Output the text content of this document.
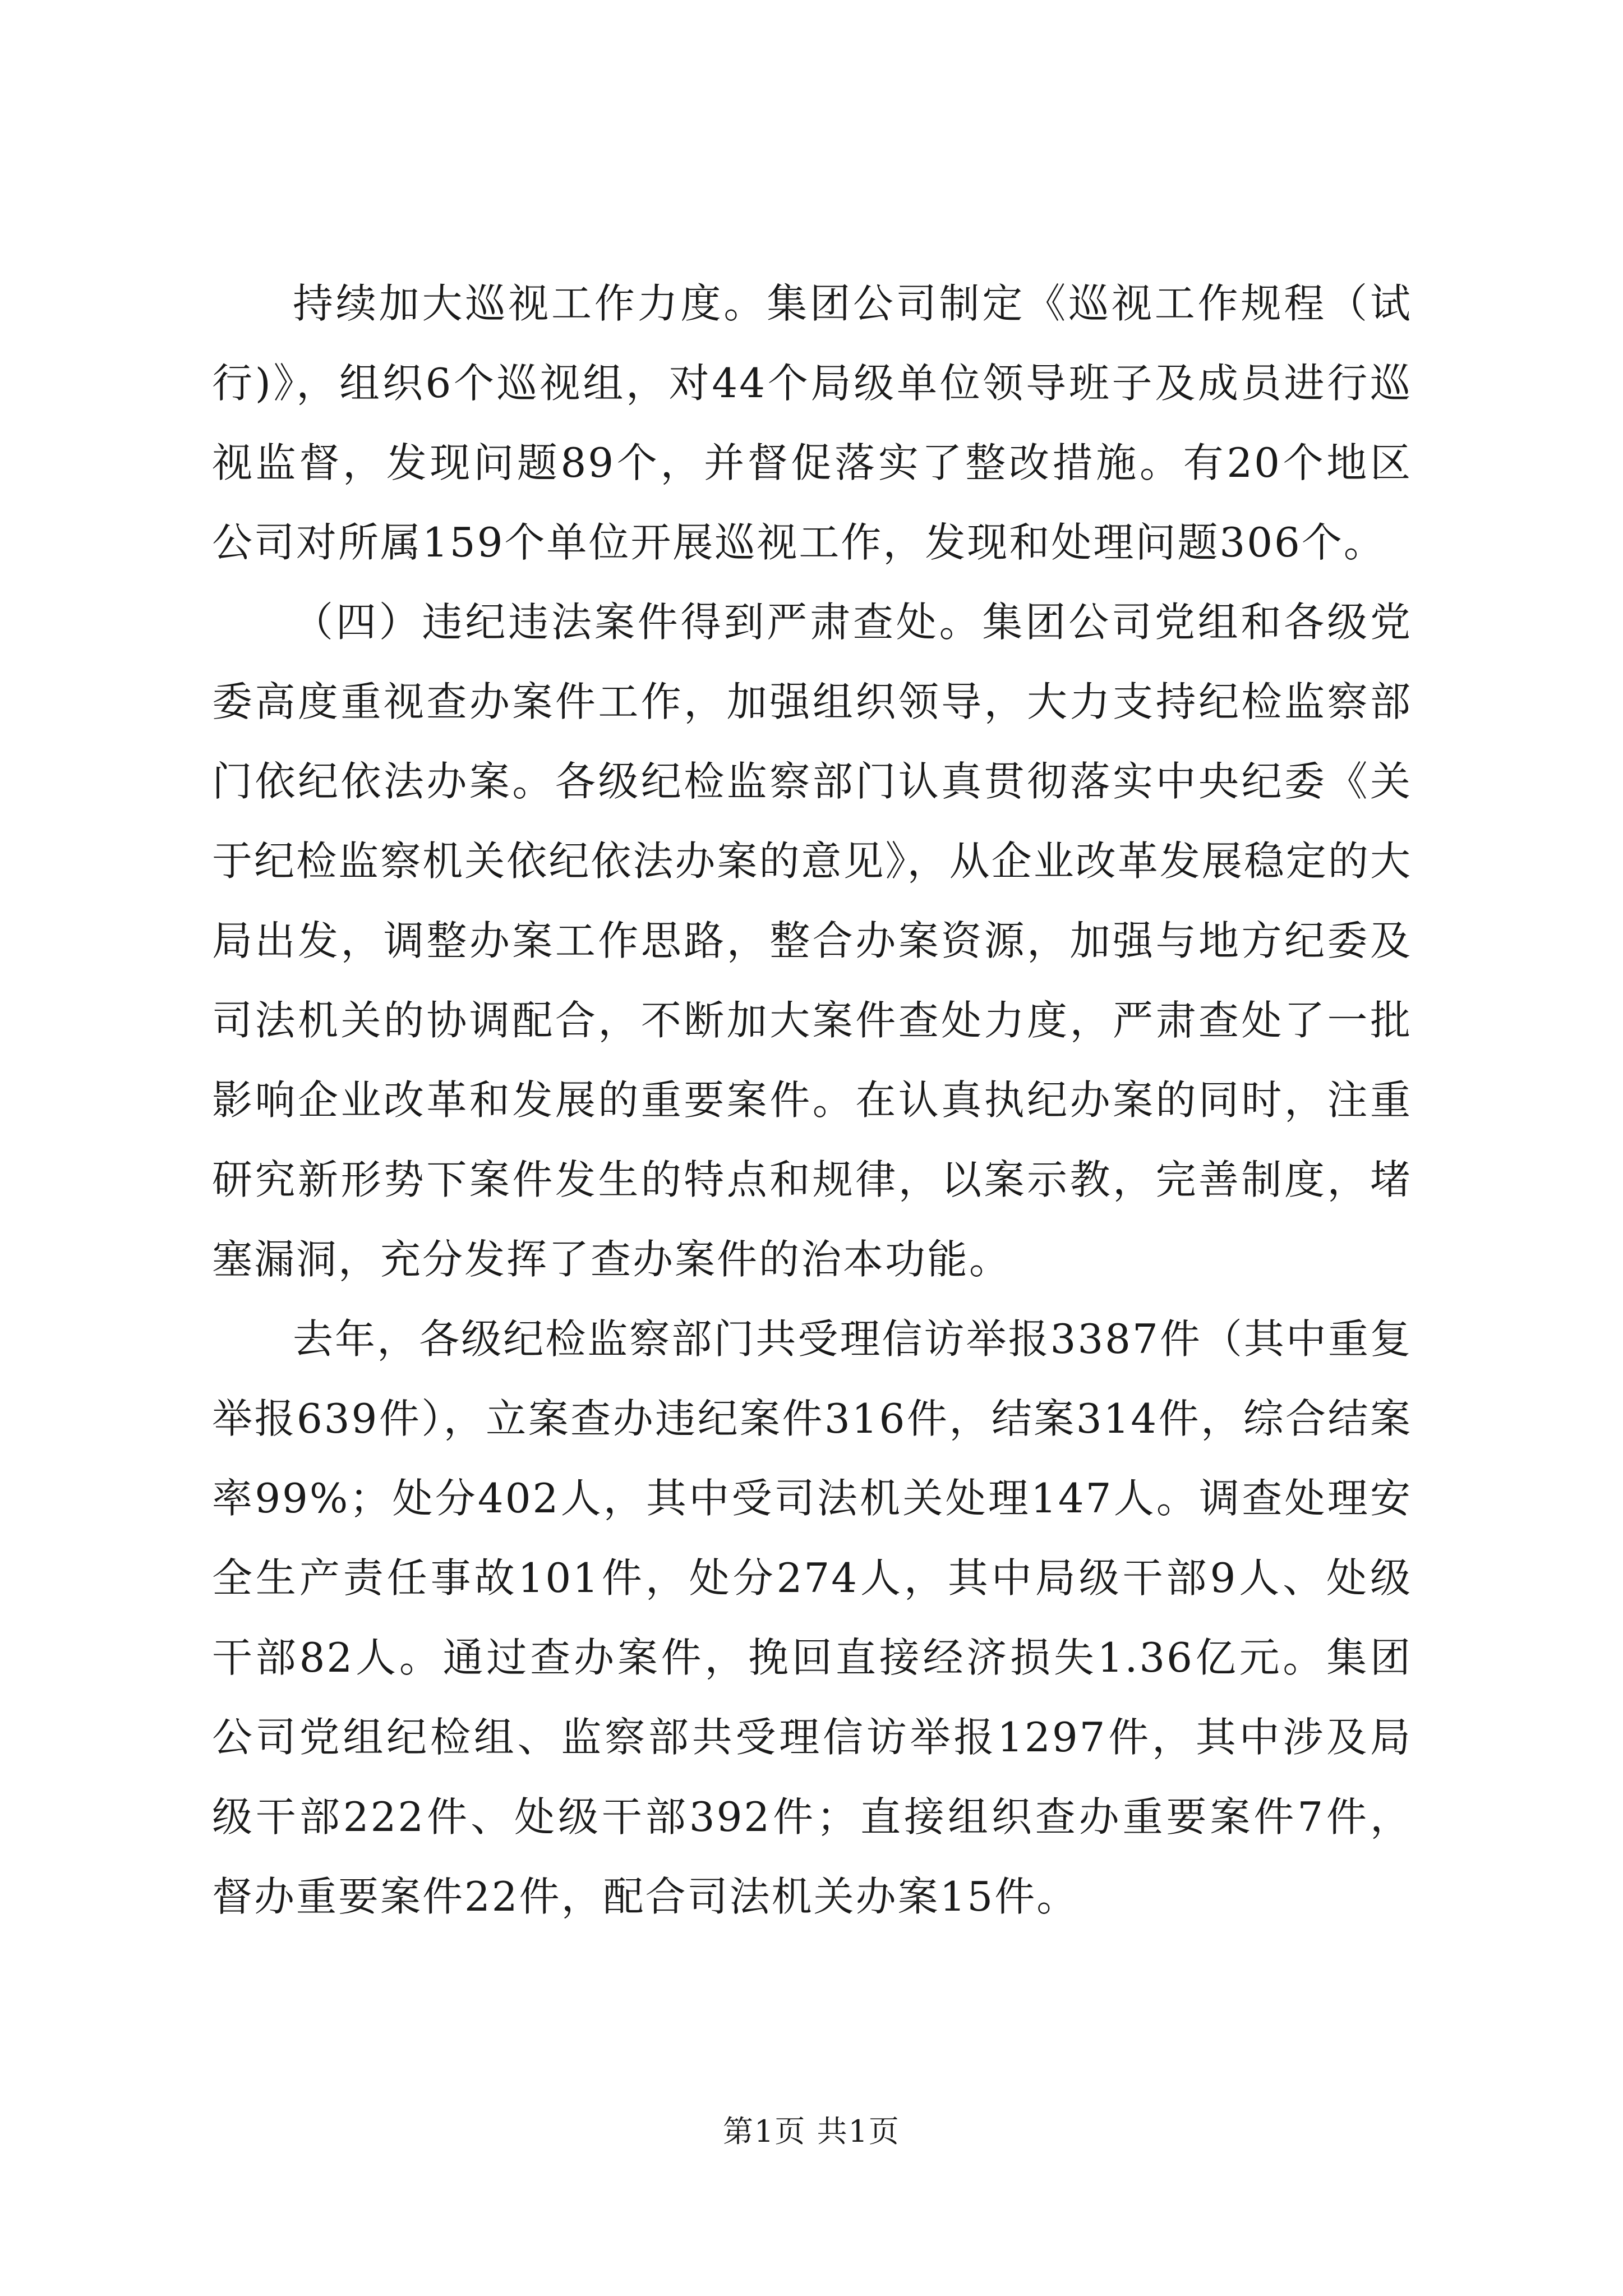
持续加大巡视工作力度。集团公司制定《巡视工作规程（试行)》，组织6个巡视组，对44个局级单位领导班子及成员进行巡视监督，发现问题89个，并督促落实了整改措施。有20个地区公司对所属159个单位开展巡视工作，发现和处理问题306个。

（四）违纪违法案件得到严肃查处。集团公司党组和各级党委高度重视查办案件工作，加强组织领导，大力支持纪检监察部门依纪依法办案。各级纪检监察部门认真贯彻落实中央纪委《关于纪检监察机关依纪依法办案的意见》，从企业改革发展稳定的大局出发，调整办案工作思路，整合办案资源，加强与地方纪委及司法机关的协调配合，不断加大案件查处力度，严肃查处了一批影响企业改革和发展的重要案件。在认真执纪办案的同时，注重研究新形势下案件发生的特点和规律，以案示教，完善制度，堵塞漏洞，充分发挥了查办案件的治本功能。

去年，各级纪检监察部门共受理信访举报3387件（其中重复举报639件），立案查办违纪案件316件，结案314件，综合结案率99%；处分402人，其中受司法机关处理147人。调查处理安全生产责任事故101件，处分274人，其中局级干部9人、处级干部82人。通过查办案件，挽回直接经济损失1.36亿元。集团公司党组纪检组、监察部共受理信访举报1297件，其中涉及局级干部222件、处级干部392件；直接组织查办重要案件7件，督办重要案件22件，配合司法机关办案15件。

第1页 共1页
